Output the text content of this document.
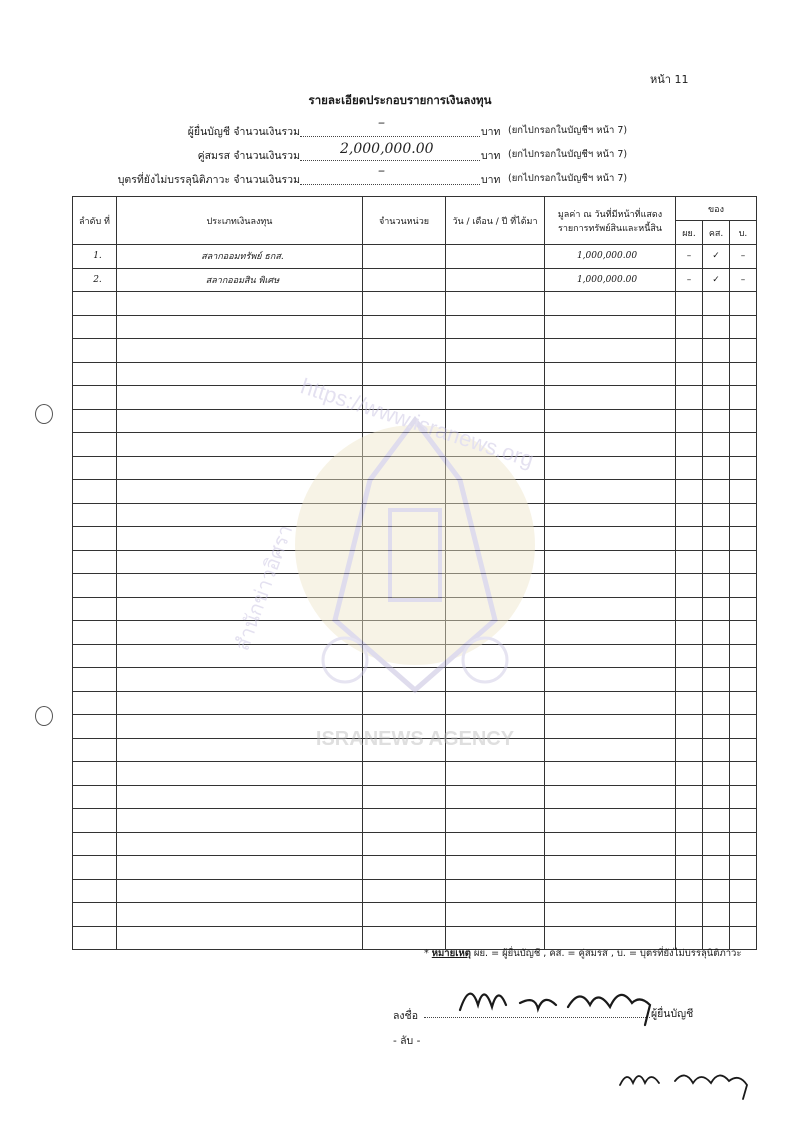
หน้า 11
รายละเอียดประกอบรายการเงินลงทุน
ผู้ยื่นบัญชี จำนวนเงินรวม
–
บาท (ยกไปกรอกในบัญชีฯ หน้า 7)
คู่สมรส จำนวนเงินรวม	2,000,000.00	บาท (ยกไปกรอกในบัญชีฯ หน้า 7)
บุตรที่ยังไม่บรรลุนิติภาวะ จำนวนเงินรวม
–
บาท (ยกไปกรอกในบัญชีฯ หน้า 7)
ลำดับ ที่	ประเภทเงินลงทุน	จำนวนหน่วย	วัน / เดือน / ปี ที่ได้มา	มูลค่า ณ วันที่มีหน้าที่แสดง รายการทรัพย์สินและหนี้สิน	ของ		
					ผย.	คส.	บ.
1.	สลากออมทรัพย์ ธกส.			1,000,000.00	–	✓	–
2.	สลากออมสิน พิเศษ			1,000,000.00	–	✓	–

ISRANEWS AGENCY
https://www.isranews.org
สำนักข่าวอิศรา
* หมายเหตุ ผย. = ผู้ยื่นบัญชี , คส. = คู่สมรส , บ. = บุตรที่ยังไม่บรรลุนิติภาวะ
ลงชื่อ	ผู้ยื่นบัญชี
- ลับ -
